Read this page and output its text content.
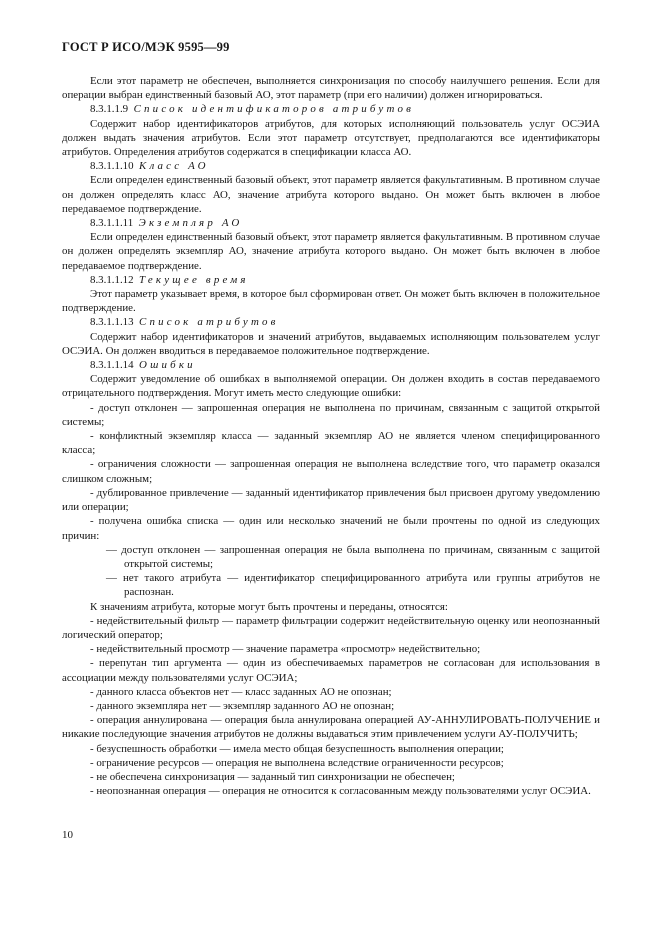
ГОСТ Р ИСО/МЭК 9595—99
Если этот параметр не обеспечен, выполняется синхронизация по способу наилучшего решения. Если для операции выбран единственный базовый АО, этот параметр (при его наличии) должен игнорироваться.
8.3.1.1.9 Список идентификаторов атрибутов
Содержит набор идентификаторов атрибутов, для которых исполняющий пользователь услуг ОСЭИА должен выдать значения атрибутов. Если этот параметр отсутствует, предполагаются все идентификаторы атрибутов. Определения атрибутов содержатся в спецификации класса АО.
8.3.1.1.10 Класс АО
Если определен единственный базовый объект, этот параметр является факультативным. В противном случае он должен определять класс АО, значение атрибута которого выдано. Он может быть включен в любое передаваемое подтверждение.
8.3.1.1.11 Экземпляр АО
Если определен единственный базовый объект, этот параметр является факультативным. В противном случае он должен определять экземпляр АО, значение атрибута которого выдано. Он может быть включен в любое передаваемое подтверждение.
8.3.1.1.12 Текущее время
Этот параметр указывает время, в которое был сформирован ответ. Он может быть включен в положительное подтверждение.
8.3.1.1.13 Список атрибутов
Содержит набор идентификаторов и значений атрибутов, выдаваемых исполняющим пользователем услуг ОСЭИА. Он должен вводиться в передаваемое положительное подтверждение.
8.3.1.1.14 Ошибки
Содержит уведомление об ошибках в выполняемой операции. Он должен входить в состав передаваемого отрицательного подтверждения. Могут иметь место следующие ошибки:
- доступ отклонен — запрошенная операция не выполнена по причинам, связанным с защитой открытой системы;
- конфликтный экземпляр класса — заданный экземпляр АО не является членом специфицированного класса;
- ограничения сложности — запрошенная операция не выполнена вследствие того, что параметр оказался слишком сложным;
- дублированное привлечение — заданный идентификатор привлечения был присвоен другому уведомлению или операции;
- получена ошибка списка — один или несколько значений не были прочтены по одной из следующих причин:
— доступ отклонен — запрошенная операция не была выполнена по причинам, связанным с защитой открытой системы;
— нет такого атрибута — идентификатор специфицированного атрибута или группы атрибутов не распознан.
К значениям атрибута, которые могут быть прочтены и переданы, относятся:
- недействительный фильтр — параметр фильтрации содержит недействительную оценку или неопознанный логический оператор;
- недействительный просмотр — значение параметра «просмотр» недействительно;
- перепутан тип аргумента — один из обеспечиваемых параметров не согласован для использования в ассоциации между пользователями услуг ОСЭИА;
- данного класса объектов нет — класс заданных АО не опознан;
- данного экземпляра нет — экземпляр заданного АО не опознан;
- операция аннулирована — операция была аннулирована операцией АУ-АННУЛИРОВАТЬ-ПОЛУЧЕНИЕ и никакие последующие значения атрибутов не должны выдаваться этим привлечением услуги АУ-ПОЛУЧИТЬ;
- безуспешность обработки — имела место общая безуспешность выполнения операции;
- ограничение ресурсов — операция не выполнена вследствие ограниченности ресурсов;
- не обеспечена синхронизация — заданный тип синхронизации не обеспечен;
- неопознанная операция — операция не относится к согласованным между пользователями услуг ОСЭИА.
10
